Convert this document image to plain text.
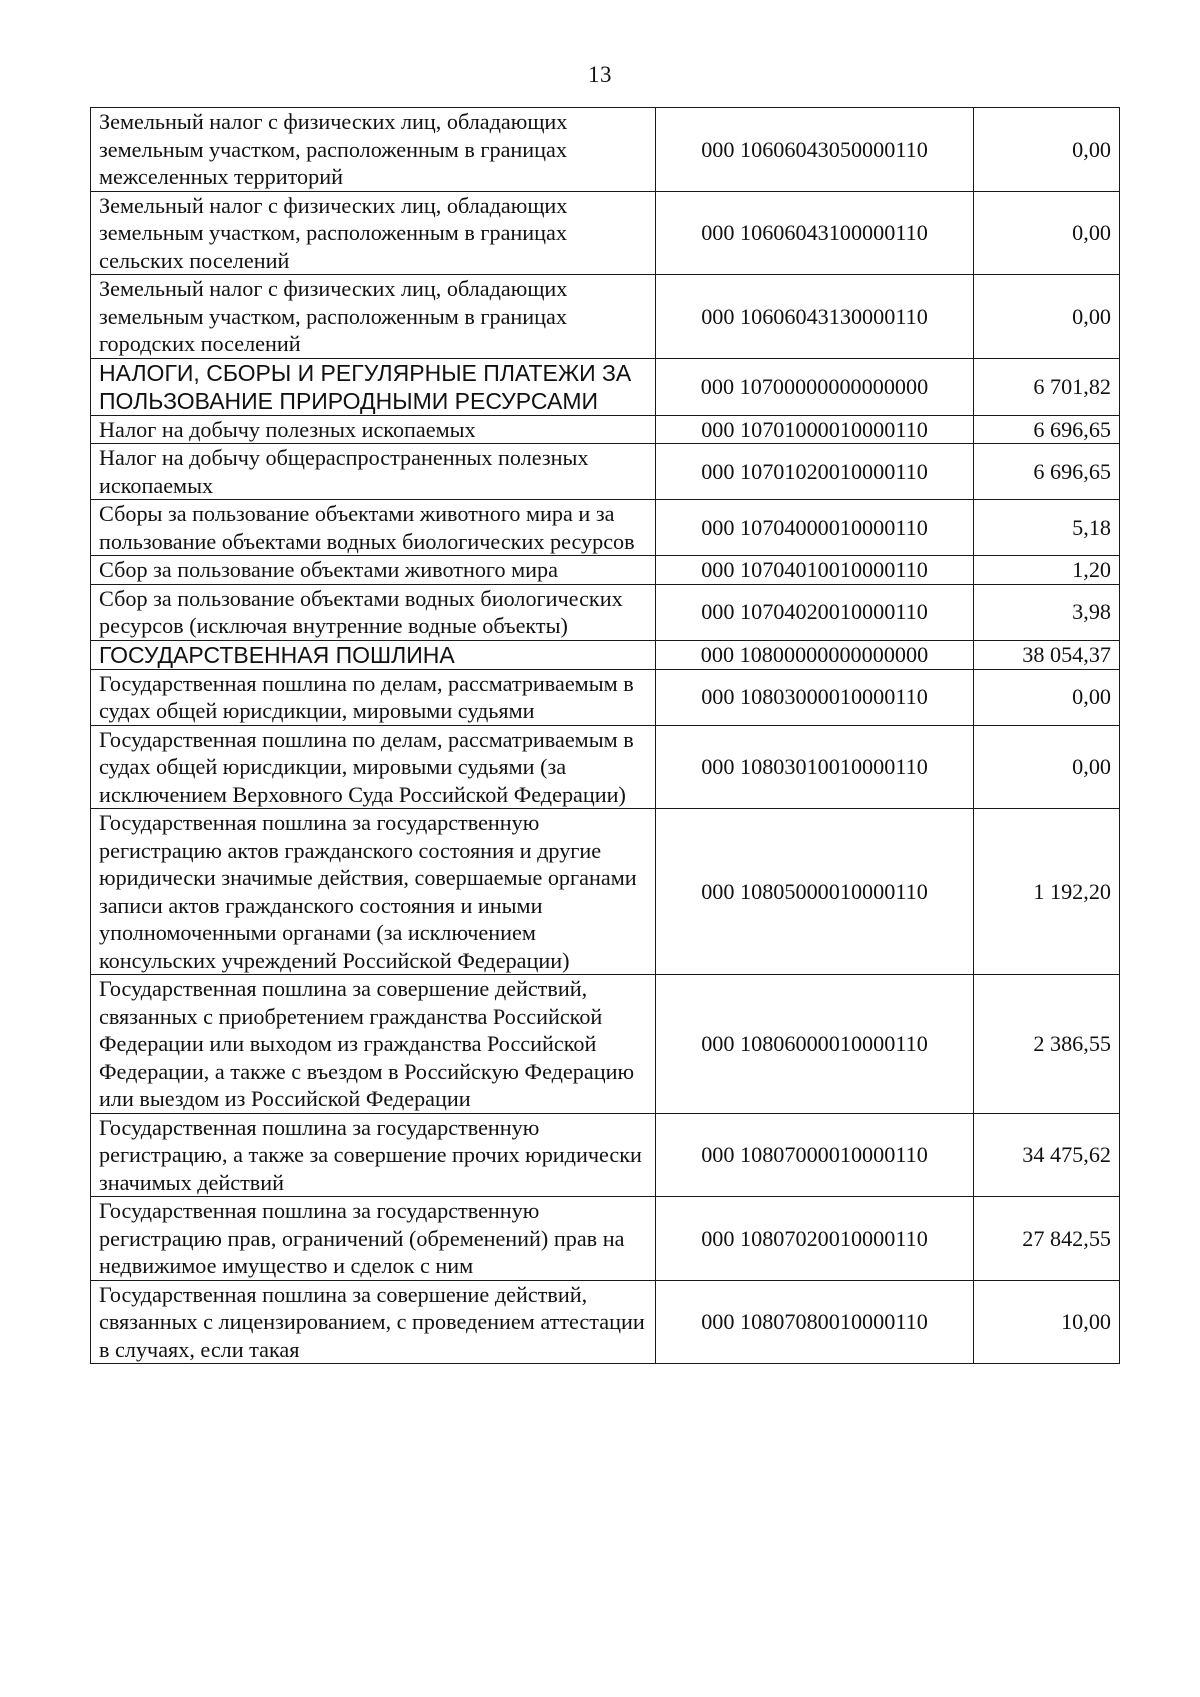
13
Земельный налог с физических лиц, обладающих земельным участком, расположенным в границах межселенных территорий	000 10606043050000110	0,00
Земельный налог с физических лиц, обладающих земельным участком, расположенным в границах сельских поселений	000 10606043100000110	0,00
Земельный налог с физических лиц, обладающих земельным участком, расположенным в границах городских поселений	000 10606043130000110	0,00
НАЛОГИ, СБОРЫ И РЕГУЛЯРНЫЕ ПЛАТЕЖИ ЗА ПОЛЬЗОВАНИЕ ПРИРОДНЫМИ РЕСУРСАМИ	000 10700000000000000	6 701,82
Налог на добычу полезных ископаемых	000 10701000010000110	6 696,65
Налог на добычу общераспространенных полезных ископаемых	000 10701020010000110	6 696,65
Сборы за пользование объектами животного мира и за пользование объектами водных биологических ресурсов	000 10704000010000110	5,18
Сбор за пользование объектами животного мира	000 10704010010000110	1,20
Сбор за пользование объектами водных биологических ресурсов (исключая внутренние водные объекты)	000 10704020010000110	3,98
ГОСУДАРСТВЕННАЯ ПОШЛИНА	000 10800000000000000	38 054,37
Государственная пошлина по делам, рассматриваемым в судах общей юрисдикции, мировыми судьями	000 10803000010000110	0,00
Государственная пошлина по делам, рассматриваемым в судах общей юрисдикции, мировыми судьями (за исключением Верховного Суда Российской Федерации)	000 10803010010000110	0,00
Государственная пошлина за государственную регистрацию актов гражданского состояния и другие юридически значимые действия, совершаемые органами записи актов гражданского состояния и иными уполномоченными органами (за исключением консульских учреждений Российской Федерации)	000 10805000010000110	1 192,20
Государственная пошлина за совершение действий, связанных с приобретением гражданства Российской Федерации или выходом из гражданства Российской Федерации, а также с въездом в Российскую Федерацию или выездом из Российской Федерации	000 10806000010000110	2 386,55
Государственная пошлина за государственную регистрацию, а также за совершение прочих юридически значимых действий	000 10807000010000110	34 475,62
Государственная пошлина за государственную регистрацию прав, ограничений (обременений) прав на недвижимое имущество и сделок с ним	000 10807020010000110	27 842,55
Государственная пошлина за совершение действий, связанных с лицензированием, с проведением аттестации в случаях, если такая	000 10807080010000110	10,00
